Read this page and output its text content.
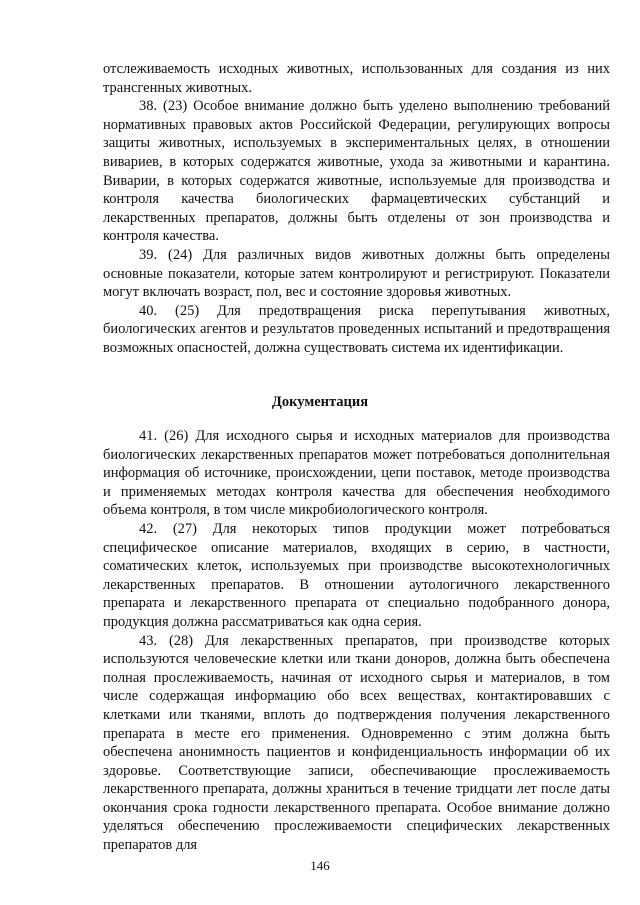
отслеживаемость исходных животных, использованных для создания из них трансгенных животных.

38. (23) Особое внимание должно быть уделено выполнению требований нормативных правовых актов Российской Федерации, регулирующих вопросы защиты животных, используемых в экспериментальных целях, в отношении вивариев, в которых содержатся животные, ухода за животными и карантина. Виварии, в которых содержатся животные, используемые для производства и контроля качества биологических фармацевтических субстанций и лекарственных препаратов, должны быть отделены от зон производства и контроля качества.

39. (24) Для различных видов животных должны быть определены основные показатели, которые затем контролируют и регистрируют. Показатели могут включать возраст, пол, вес и состояние здоровья животных.

40. (25) Для предотвращения риска перепутывания животных, биологических агентов и результатов проведенных испытаний и предотвращения возможных опасностей, должна существовать система их идентификации.

Документация

41. (26) Для исходного сырья и исходных материалов для производства биологических лекарственных препаратов может потребоваться дополнительная информация об источнике, происхождении, цепи поставок, методе производства и применяемых методах контроля качества для обеспечения необходимого объема контроля, в том числе микробиологического контроля.

42. (27) Для некоторых типов продукции может потребоваться специфическое описание материалов, входящих в серию, в частности, соматических клеток, используемых при производстве высокотехнологичных лекарственных препаратов. В отношении аутологичного лекарственного препарата и лекарственного препарата от специально подобранного донора, продукция должна рассматриваться как одна серия.

43. (28) Для лекарственных препаратов, при производстве которых используются человеческие клетки или ткани доноров, должна быть обеспечена полная прослеживаемость, начиная от исходного сырья и материалов, в том числе содержащая информацию обо всех веществах, контактировавших с клетками или тканями, вплоть до подтверждения получения лекарственного препарата в месте его применения. Одновременно с этим должна быть обеспечена анонимность пациентов и конфиденциальность информации об их здоровье. Соответствующие записи, обеспечивающие прослеживаемость лекарственного препарата, должны храниться в течение тридцати лет после даты окончания срока годности лекарственного препарата. Особое внимание должно уделяться обеспечению прослеживаемости специфических лекарственных препаратов для

146
